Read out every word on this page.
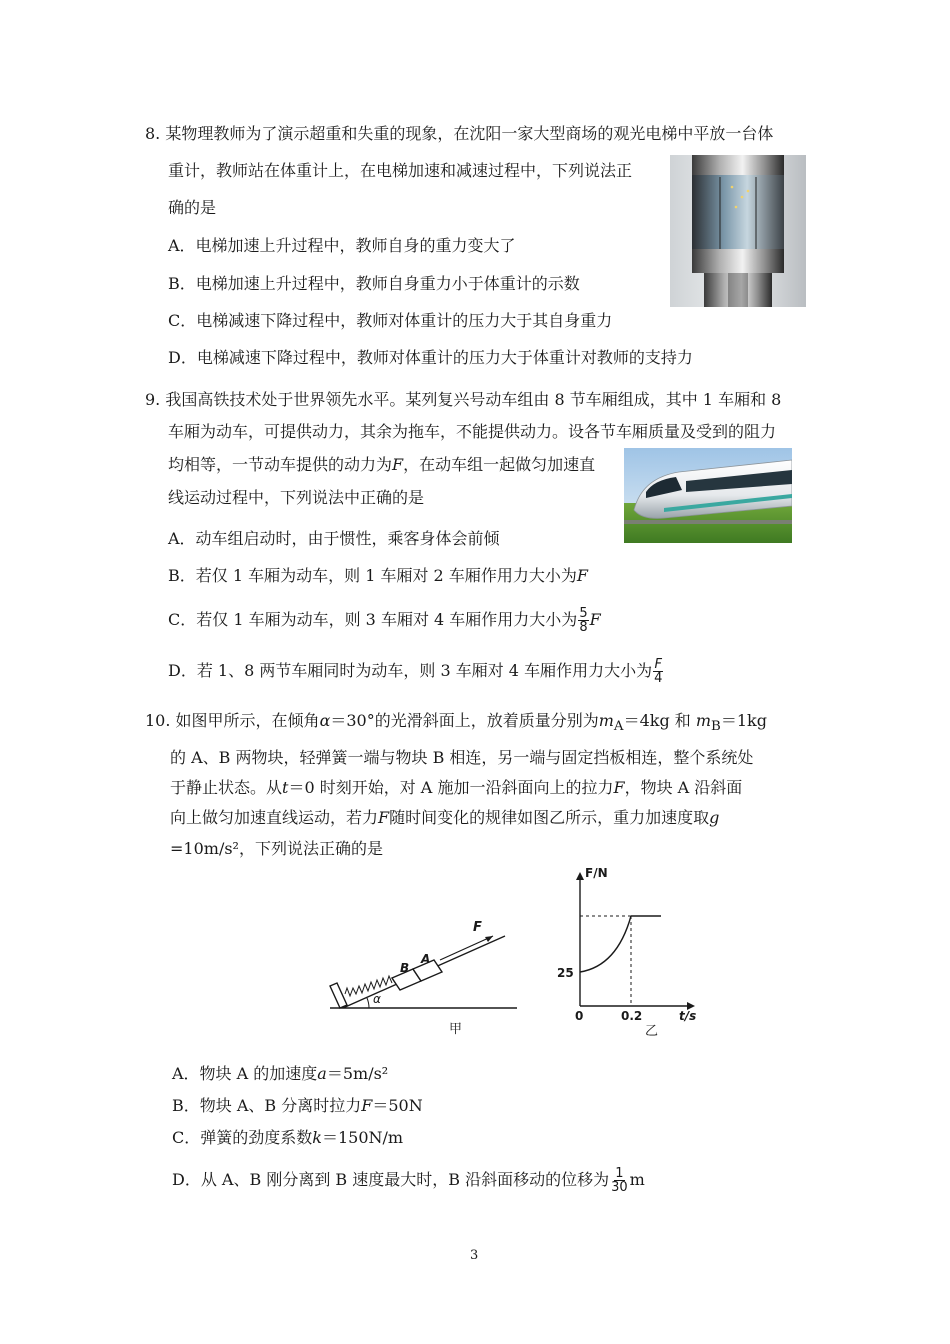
8. 某物理教师为了演示超重和失重的现象，在沈阳一家大型商场的观光电梯中平放一台体
重计，教师站在体重计上，在电梯加速和减速过程中，下列说法正
确的是
A．电梯加速上升过程中，教师自身的重力变大了
B．电梯加速上升过程中，教师自身重力小于体重计的示数
C．电梯减速下降过程中，教师对体重计的压力大于其自身重力
D．电梯减速下降过程中，教师对体重计的压力大于体重计对教师的支持力
9. 我国高铁技术处于世界领先水平。某列复兴号动车组由 8 节车厢组成，其中 1 车厢和 8
车厢为动车，可提供动力，其余为拖车，不能提供动力。设各节车厢质量及受到的阻力
均相等，一节动车提供的动力为F，在动车组一起做匀加速直
线运动过程中，下列说法中正确的是
A．动车组启动时，由于惯性，乘客身体会前倾
B．若仅 1 车厢为动车，则 1 车厢对 2 车厢作用力大小为F
C．若仅 1 车厢为动车，则 3 车厢对 4 车厢作用力大小为 $\frac{5}{8}$ F
D．若 1、8 两节车厢同时为动车，则 3 车厢对 4 车厢作用力大小为 $\frac{F}{4}$
10. 如图甲所示，在倾角α＝30°的光滑斜面上，放着质量分别为$m_A=4kg$ 和 $m_B=1kg$
的 A、B 两物块，轻弹簧一端与物块 B 相连，另一端与固定挡板相连，整个系统处
于静止状态。从t＝0 时刻开始，对 A 施加一沿斜面向上的拉力F，物块 A 沿斜面
向上做匀加速直线运动，若力F随时间变化的规律如图乙所示，重力加速度取g
=10m/s²，下列说法正确的是
F
B
A
α
甲
F/N
25
0	0.2	t/s
乙
A．物块 A 的加速度a＝5m/s²
B．物块 A、B 分离时拉力F＝50N
C．弹簧的劲度系数k＝150N/m
D．从 A、B 刚分离到 B 速度最大时，B 沿斜面移动的位移为 $\frac{1}{30}$ m
3
